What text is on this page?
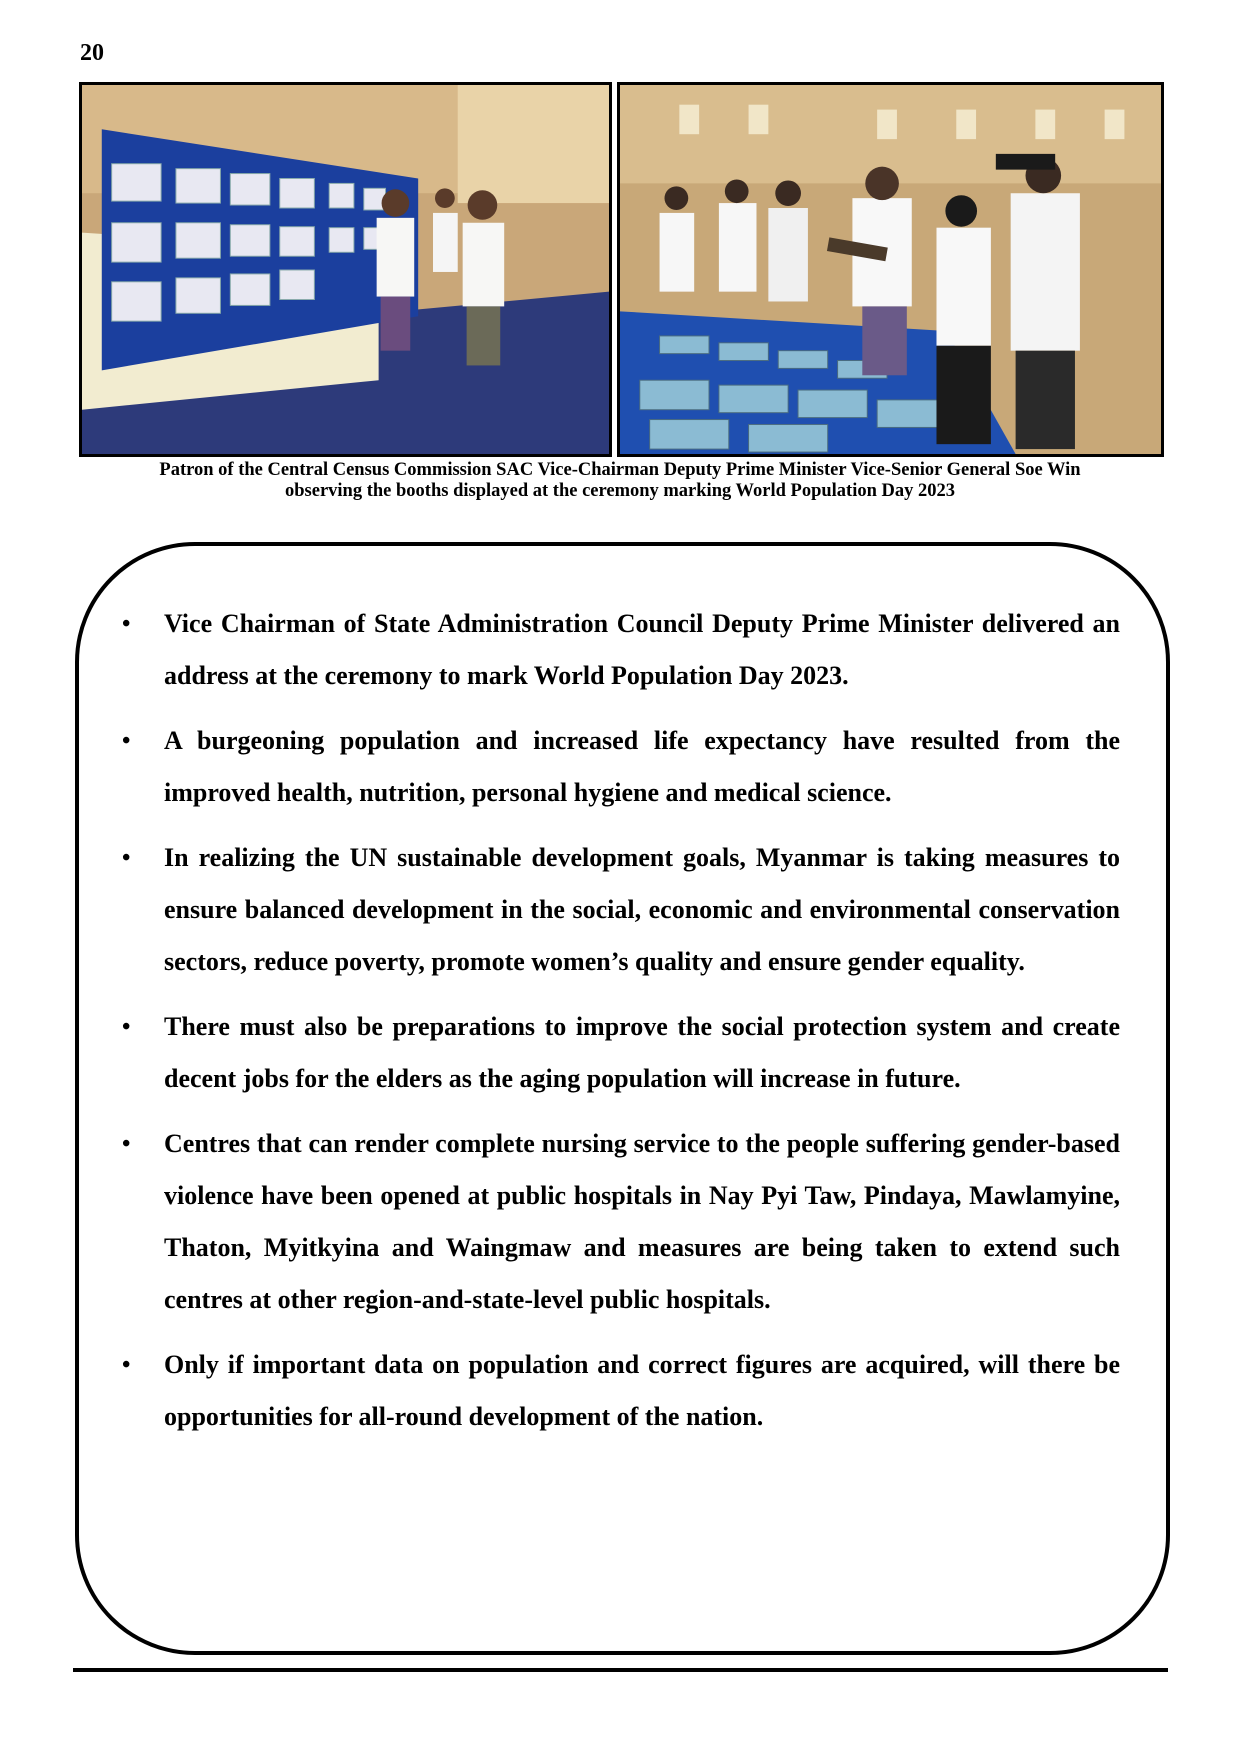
20
Patron of the Central Census Commission SAC Vice-Chairman Deputy Prime Minister Vice-Senior General Soe Win
observing the booths displayed at the ceremony marking World Population Day 2023
• Vice Chairman of State Administration Council Deputy Prime Minister delivered an address at the ceremony to mark World Population Day 2023.
• A burgeoning population and increased life expectancy have resulted from the improved health, nutrition, personal hygiene and medical science.
• In realizing the UN sustainable development goals, Myanmar is taking measures to ensure balanced development in the social, economic and environmental conservation sectors, reduce poverty, promote women’s quality and ensure gender equality.
• There must also be preparations to improve the social protection system and create decent jobs for the elders as the aging population will increase in future.
• Centres that can render complete nursing service to the people suffering gender-based violence have been opened at public hospitals in Nay Pyi Taw, Pindaya, Mawlamyine, Thaton, Myitkyina and Waingmaw and measures are being taken to extend such centres at other region-and-state-level public hospitals.
• Only if important data on population and correct figures are acquired, will there be opportunities for all-round development of the nation.
